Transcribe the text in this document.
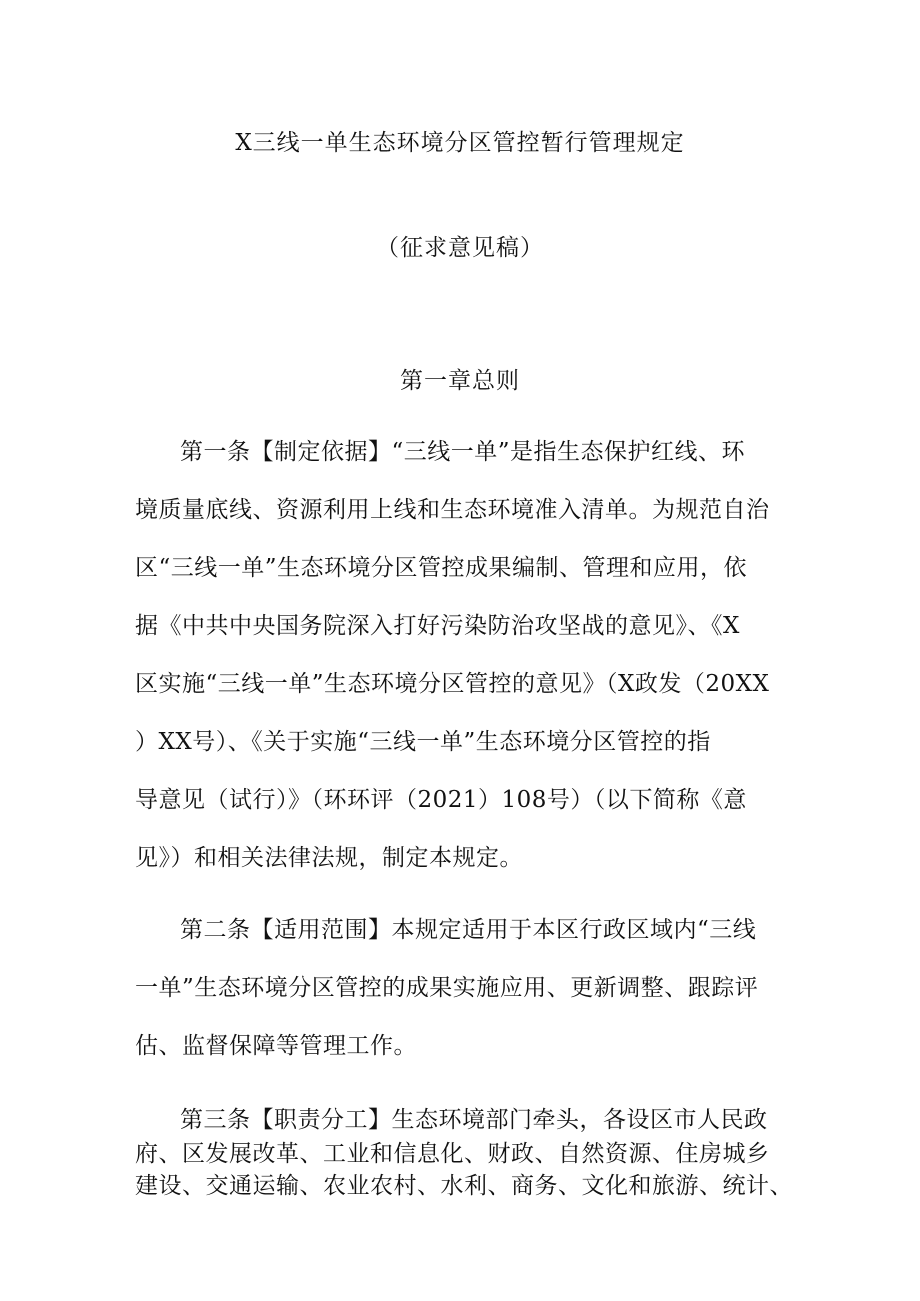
X三线一单生态环境分区管控暂行管理规定
（征求意见稿）
第一章总则
第一条【制定依据】“三线一单”是指生态保护红线、环
境质量底线、资源利用上线和生态环境准入清单。为规范自治
区“三线一单”生态环境分区管控成果编制、管理和应用，依
据《中共中央国务院深入打好污染防治攻坚战的意见》、《X
区实施“三线一单”生态环境分区管控的意见》（X政发（20XX
）XX号）、《关于实施“三线一单”生态环境分区管控的指
导意见（试行）》（环环评（2021）108号）（以下简称《意
见》）和相关法律法规，制定本规定。
第二条【适用范围】本规定适用于本区行政区域内“三线
一单”生态环境分区管控的成果实施应用、更新调整、跟踪评
估、监督保障等管理工作。
第三条【职责分工】生态环境部门牵头，各设区市人民政
府、区发展改革、工业和信息化、财政、自然资源、住房城乡
建设、交通运输、农业农村、水利、商务、文化和旅游、统计、
